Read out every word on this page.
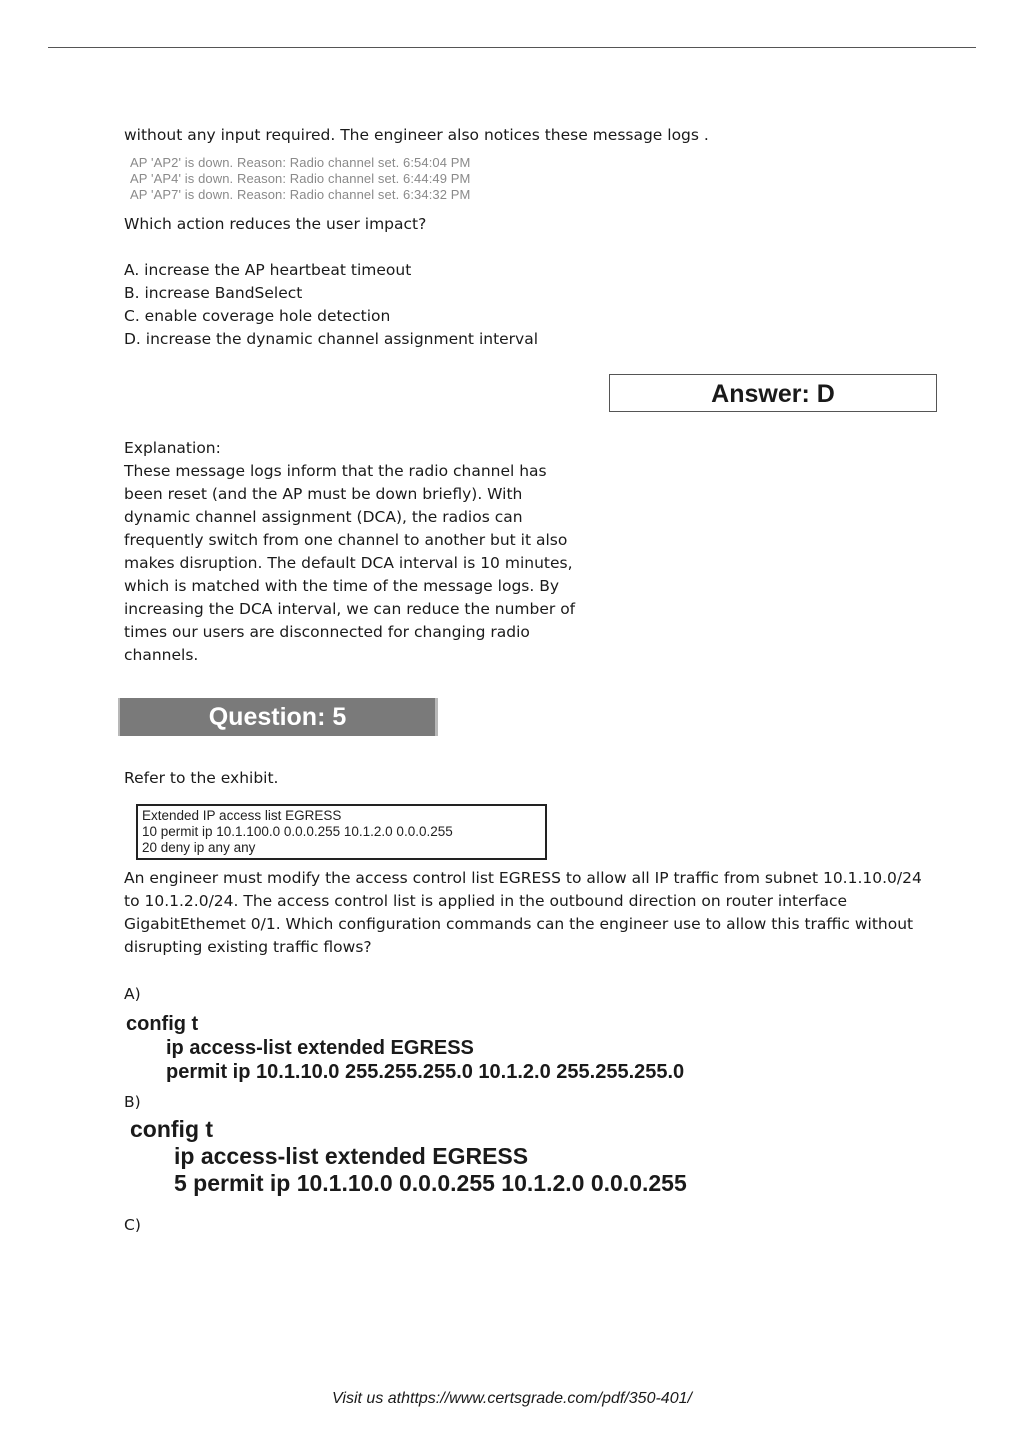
without any input required. The engineer also notices these message logs .

AP 'AP2' is down. Reason: Radio channel set. 6:54:04 PM
AP 'AP4' is down. Reason: Radio channel set. 6:44:49 PM
AP 'AP7' is down. Reason: Radio channel set. 6:34:32 PM

Which action reduces the user impact?

A. increase the AP heartbeat timeout
B. increase BandSelect
C. enable coverage hole detection
D. increase the dynamic channel assignment interval
Answer: D
Explanation:
These message logs inform that the radio channel has
been reset (and the AP must be down briefly). With
dynamic channel assignment (DCA), the radios can
frequently switch from one channel to another but it also
makes disruption. The default DCA interval is 10 minutes,
which is matched with the time of the message logs. By
increasing the DCA interval, we can reduce the number of
times our users are disconnected for changing radio
channels.
Question: 5

Refer to the exhibit.

Extended IP access list EGRESS
10 permit ip 10.1.100.0 0.0.0.255 10.1.2.0 0.0.0.255
20 deny ip any any
An engineer must modify the access control list EGRESS to allow all IP traffic from subnet 10.1.10.0/24
to 10.1.2.0/24. The access control list is applied in the outbound direction on router interface
GigabitEthemet 0/1. Which configuration commands can the engineer use to allow this traffic without
disrupting existing traffic flows?

A)

config t
ip access-list extended EGRESS
permit ip 10.1.10.0 255.255.255.0 10.1.2.0 255.255.255.0

B)

config t
ip access-list extended EGRESS
5 permit ip 10.1.10.0 0.0.0.255 10.1.2.0 0.0.0.255

C)

Visit us athttps://www.certsgrade.com/pdf/350-401/
